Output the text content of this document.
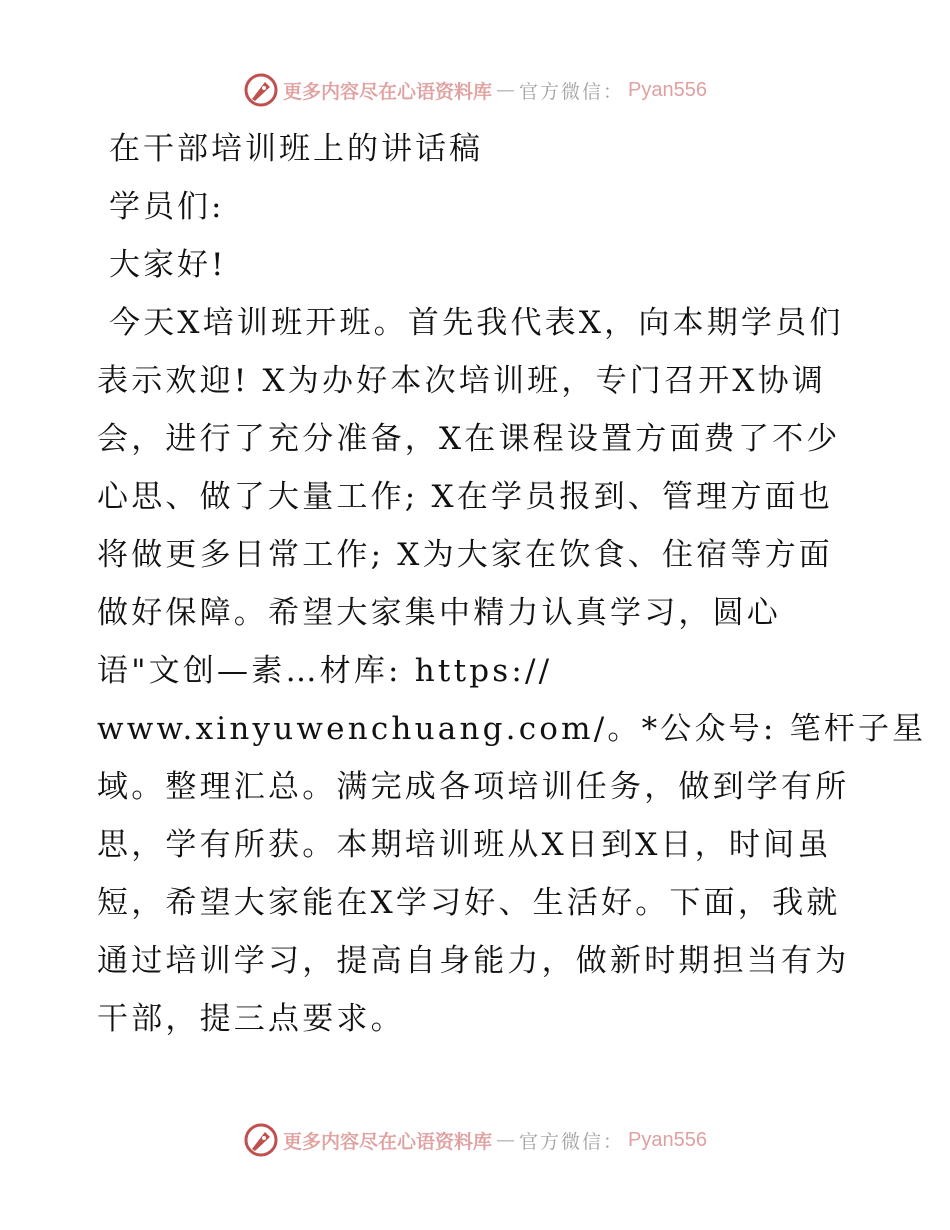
更多内容尽在心语资料库 — 官方微信： Pyan556
在干部培训班上的讲话稿
学员们:
大家好!
今天X培训班开班。首先我代表X，向本期学员们
表示欢迎! X为办好本次培训班，专门召开X协调
会，进行了充分准备，X在课程设置方面费了不少
心思、做了大量工作; X在学员报到、管理方面也
将做更多日常工作; X为大家在饮食、住宿等方面
做好保障。希望大家集中精力认真学习，圆心
语"文创—素…材库: https://
www.xinyuwenchuang.com/。*公众号: 笔杆子星
域。整理汇总。满完成各项培训任务，做到学有所
思，学有所获。本期培训班从X日到X日，时间虽
短，希望大家能在X学习好、生活好。下面，我就
通过培训学习，提高自身能力，做新时期担当有为
干部，提三点要求。
更多内容尽在心语资料库 — 官方微信： Pyan556
